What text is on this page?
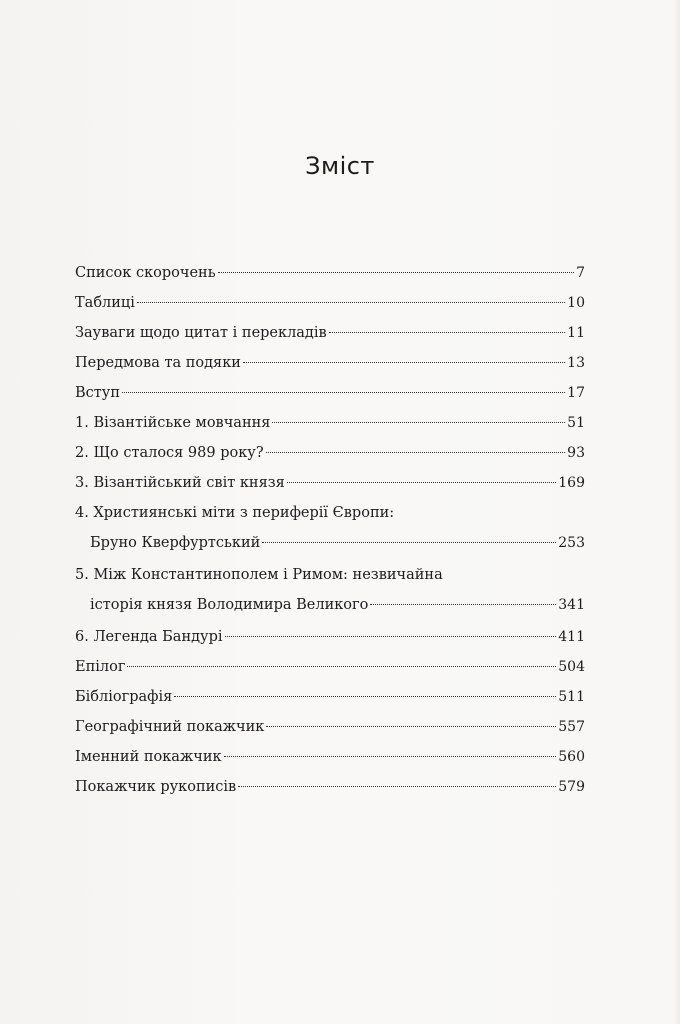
Зміст
Список скорочень	7
Таблиці	10
Зауваги щодо цитат і перекладів	11
Передмова та подяки	13
Вступ	17
1. Візантійське мовчання	51
2. Що сталося 989 року?	93
3. Візантійський світ князя	169
4. Християнські міти з периферії Європи:
Бруно Кверфуртський	253
5. Між Константинополем і Римом: незвичайна
історія князя Володимира Великого	341
6. Легенда Бандурі	411
Епілог	504
Бібліографія	511
Географічний покажчик	557
Іменний покажчик	560
Покажчик рукописів	579
